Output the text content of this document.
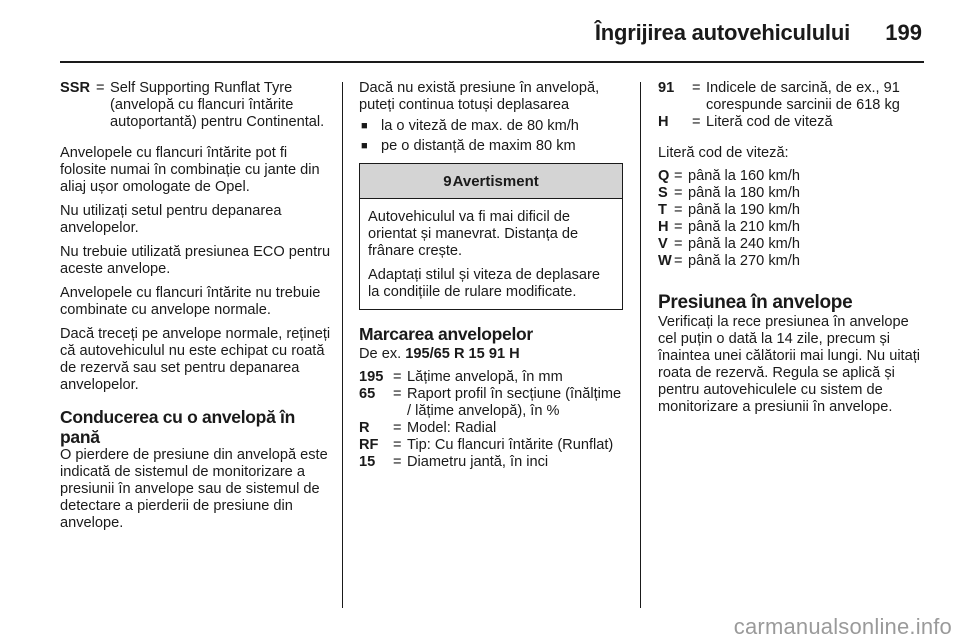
Îngrijirea autovehiculului 199
SSR = Self Supporting Runflat Tyre (anvelopă cu flancuri întărite autoportantă) pentru Continental.

Anvelopele cu flancuri întărite pot fi folosite numai în combinație cu jante din aliaj ușor omologate de Opel.

Nu utilizați setul pentru depanarea anvelopelor.

Nu trebuie utilizată presiunea ECO pentru aceste anvelope.

Anvelopele cu flancuri întărite nu trebuie combinate cu anvelope normale.

Dacă treceți pe anvelope normale, rețineți că autovehiculul nu este echipat cu roată de rezervă sau set pentru depanarea anvelopelor.

Conducerea cu o anvelopă în pană

O pierdere de presiune din anvelopă este indicată de sistemul de monitorizare a presiunii în anvelope sau de sistemul de detectare a pierderii de presiune din anvelope.

Dacă nu există presiune în anvelopă, puteți continua totuși deplasarea

■ la o viteză de max. de 80 km/h
■ pe o distanță de maxim 80 km
9 Avertisment

Autovehiculul va fi mai dificil de orientat și manevrat. Distanța de frânare crește.

Adaptați stilul și viteza de deplasare la condițiile de rulare modificate.

Marcarea anvelopelor

De ex. 195/65 R 15 91 H

195 = Lățime anvelopă, în mm
65	= Raport profil în secțiune (înălțime / lățime anvelopă), în %
R	= Model: Radial
RF = Tip: Cu flancuri întărite (Runflat)
15	= Diametru jantă, în inci
91	= Indicele de sarcină, de ex., 91 corespunde sarcinii de 618 kg
H	= Literă cod de viteză

Literă cod de viteză:

Q = până la 160 km/h
S = până la 180 km/h
T = până la 190 km/h
H = până la 210 km/h
V = până la 240 km/h
W = până la 270 km/h
Presiunea în anvelope

Verificați la rece presiunea în anvelope cel puțin o dată la 14 zile, precum și înaintea unei călătorii mai lungi. Nu uitați roata de rezervă. Regula se aplică și pentru autovehiculele cu sistem de monitorizare a presiunii în anvelope.

carmanualsonline.info
